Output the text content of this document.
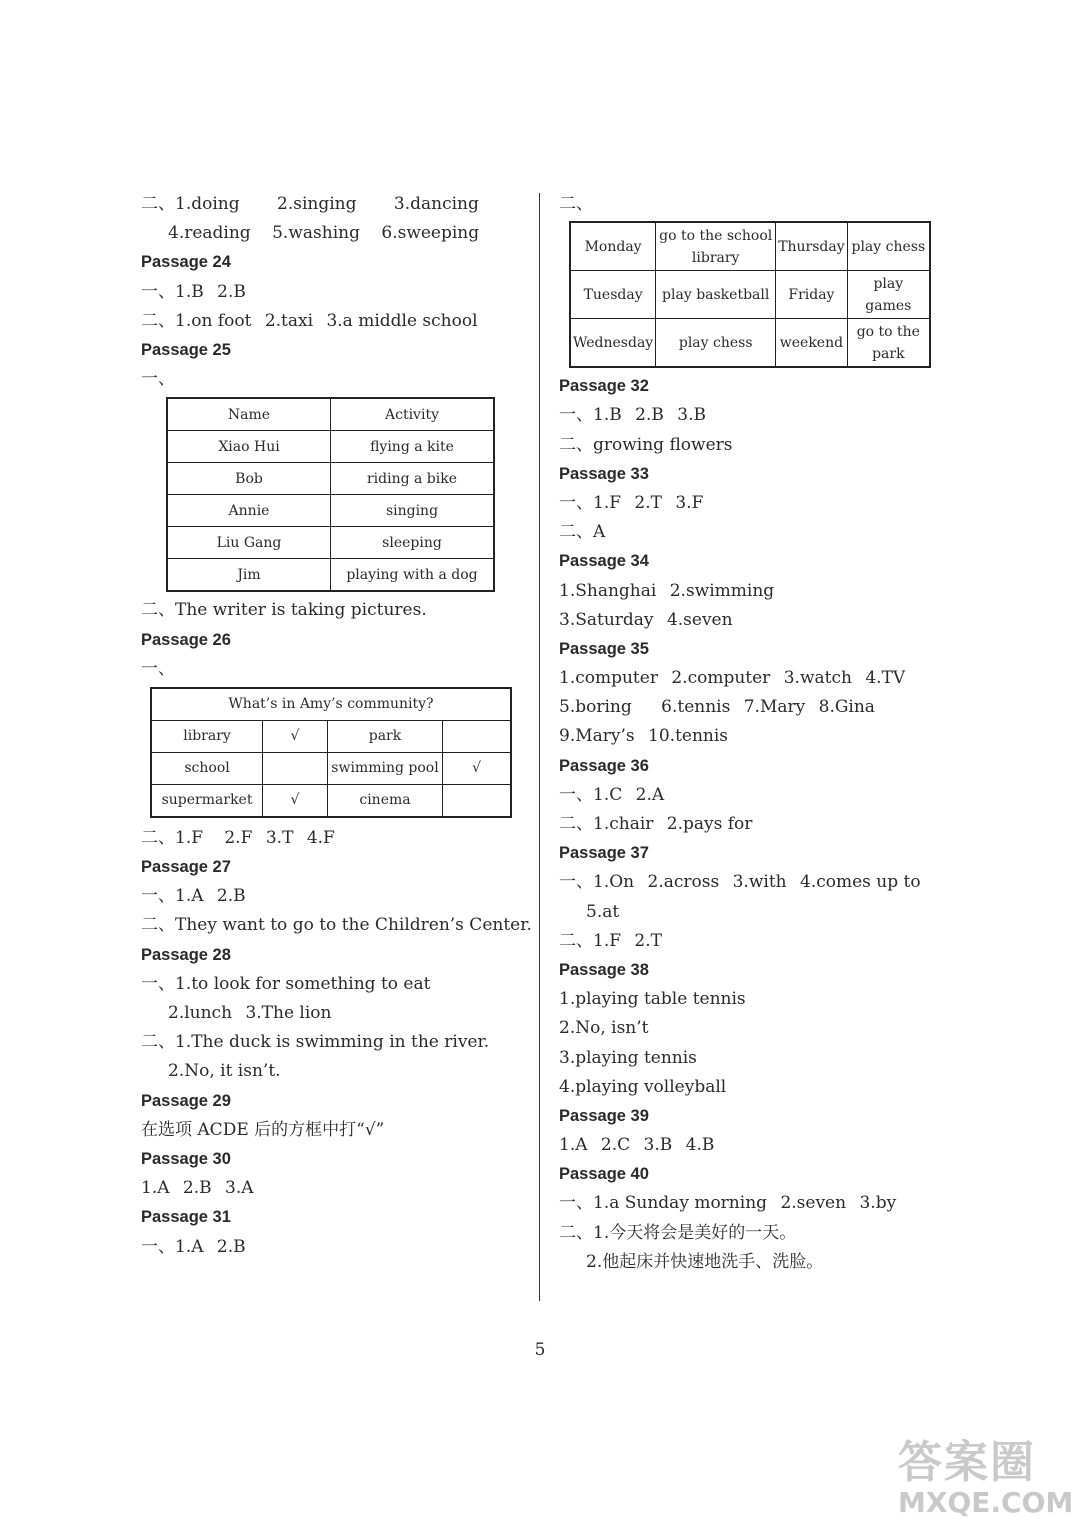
二、1.doing 2.singing 3.dancing
4.reading 5.washing 6.sweeping
Passage 24
一、1.B 2.B
二、1.on foot 2.taxi 3.a middle school
Passage 25
一、
Name	Activity
Xiao Hui	flying a kite
Bob	riding a bike
Annie	singing
Liu Gang	sleeping
Jim	playing with a dog
二、The writer is taking pictures.
Passage 26
一、
What’s in Amy’s community?			
library	√	park	
school		swimming pool	√
supermarket	√	cinema	
二、1.F 2.F 3.T 4.F
Passage 27
一、1.A 2.B
二、They want to go to the Children’s Center.
Passage 28
一、1.to look for something to eat
2.lunch 3.The lion
二、1.The duck is swimming in the river.
2.No, it isn’t.
Passage 29
在选项 ACDE 后的方框中打“√”
Passage 30
1.A 2.B 3.A
Passage 31
一、1.A 2.B
二、
Monday	go to the school library	Thursday	play chess
Tuesday	play basketball	Friday	play games
Wednesday	play chess	weekend	go to the park
Passage 32
一、1.B 2.B 3.B
二、growing flowers
Passage 33
一、1.F 2.T 3.F
二、A
Passage 34
1.Shanghai 2.swimming
3.Saturday 4.seven
Passage 35
1.computer 2.computer 3.watch 4.TV
5.boring 6.tennis 7.Mary 8.Gina
9.Mary’s 10.tennis
Passage 36
一、1.C 2.A
二、1.chair 2.pays for
Passage 37
一、1.On 2.across 3.with 4.comes up to
5.at
二、1.F 2.T
Passage 38
1.playing table tennis
2.No, isn’t
3.playing tennis
4.playing volleyball
Passage 39
1.A 2.C 3.B 4.B
Passage 40
一、1.a Sunday morning 2.seven 3.by
二、1.今天将会是美好的一天。
2.他起床并快速地洗手、洗脸。
5
答案圈
MXQE.COM
